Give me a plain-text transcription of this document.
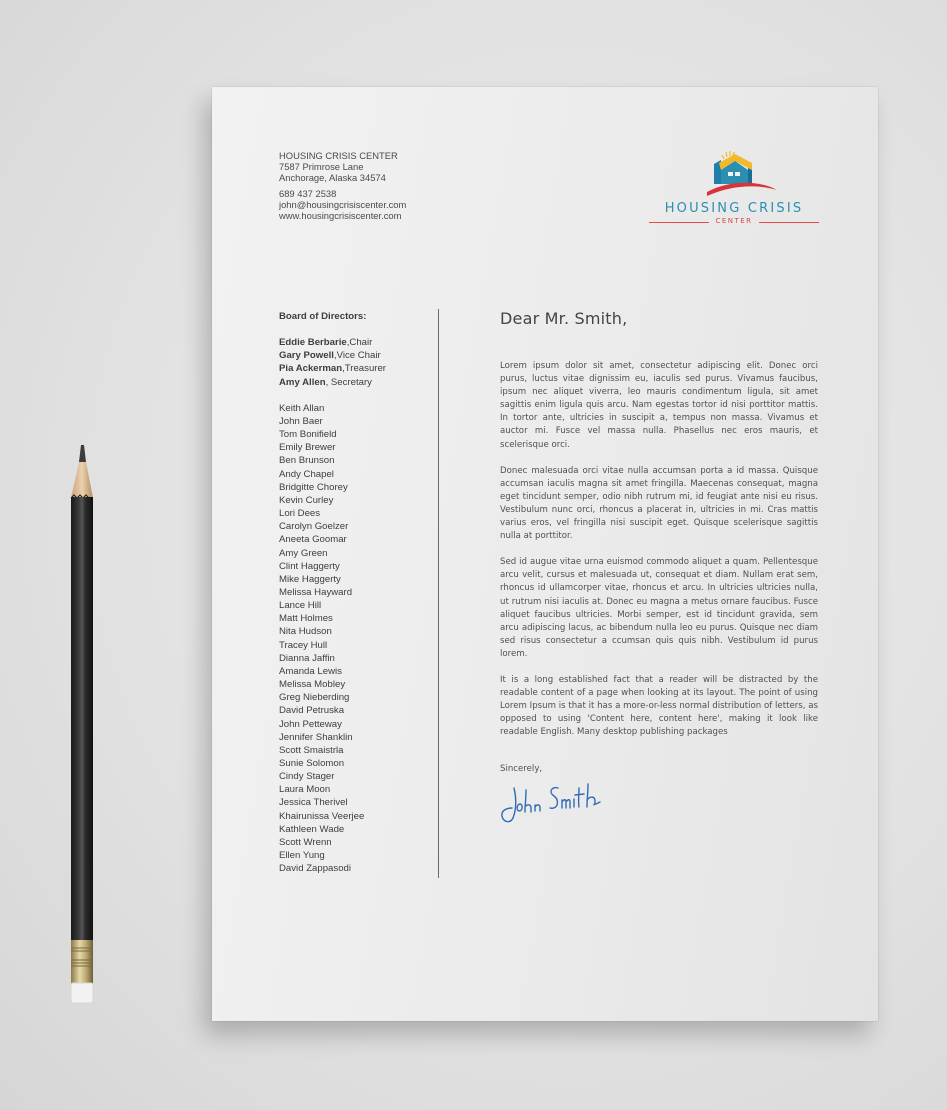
HOUSING CRISIS CENTER
7587 Primrose Lane
Anchorage, Alaska 34574
689 437 2538
john@housingcrisiscenter.com
www.housingcrisiscenter.com	HOUSING CRISIS
CENTER
Board of Directors:
Eddie Berbarie,Chair
Gary Powell,Vice Chair
Pia Ackerman,Treasurer
Amy Allen, Secretary
Keith Allan
John Baer
Tom Bonifield
Emily Brewer
Ben Brunson
Andy Chapel
Bridgitte Chorey
Kevin Curley
Lori Dees
Carolyn Goelzer
Aneeta Goomar
Amy Green
Clint Haggerty
Mike Haggerty
Melissa Hayward
Lance Hill
Matt Holmes
Nita Hudson
Tracey Hull
Dianna Jaffin
Amanda Lewis
Melissa Mobley
Greg Nieberding
David Petruska
John Petteway
Jennifer Shanklin
Scott Smaistrla
Sunie Solomon
Cindy Stager
Laura Moon
Jessica Therivel
Khairunissa Veerjee
Kathleen Wade
Scott Wrenn
Ellen Yung
David Zappasodi
Dear Mr. Smith,

Lorem ipsum dolor sit amet, consectetur adipiscing elit. Donec orci purus, luctus vitae dignissim eu, iaculis sed purus. Vivamus faucibus, ipsum nec aliquet viverra, leo mauris condimentum ligula, sit amet sagittis enim ligula quis arcu. Nam egestas tortor id nisi porttitor mattis. In tortor ante, ultricies in suscipit a, tempus non massa. Vivamus et auctor mi. Fusce vel massa nulla. Phasellus nec eros mauris, et scelerisque orci.

Donec malesuada orci vitae nulla accumsan porta a id massa. Quisque accumsan iaculis magna sit amet fringilla. Maecenas consequat, magna eget tincidunt semper, odio nibh rutrum mi, id feugiat ante nisi eu risus. Vestibulum nunc orci, rhoncus a placerat in, ultricies in mi. Cras mattis varius eros, vel fringilla nisi suscipit eget. Quisque scelerisque sagittis nulla at porttitor.

Sed id augue vitae urna euismod commodo aliquet a quam. Pellentesque arcu velit, cursus et malesuada ut, consequat et diam. Nullam erat sem, rhoncus id ullamcorper vitae, rhoncus et arcu. In ultricies ultricies nulla, ut rutrum nisi iaculis at. Donec eu magna a metus ornare faucibus. Fusce aliquet faucibus ultricies. Morbi semper, est id tincidunt gravida, sem arcu adipiscing lacus, ac bibendum nulla leo eu purus. Quisque nec diam sed risus consectetur a ccumsan quis quis nibh. Vestibulum id purus lorem.

It is a long established fact that a reader will be distracted by the readable content of a page when looking at its layout. The point of using Lorem Ipsum is that it has a more-or-less normal distribution of letters, as opposed to using 'Content here, content here', making it look like readable English. Many desktop publishing packages

Sincerely,
